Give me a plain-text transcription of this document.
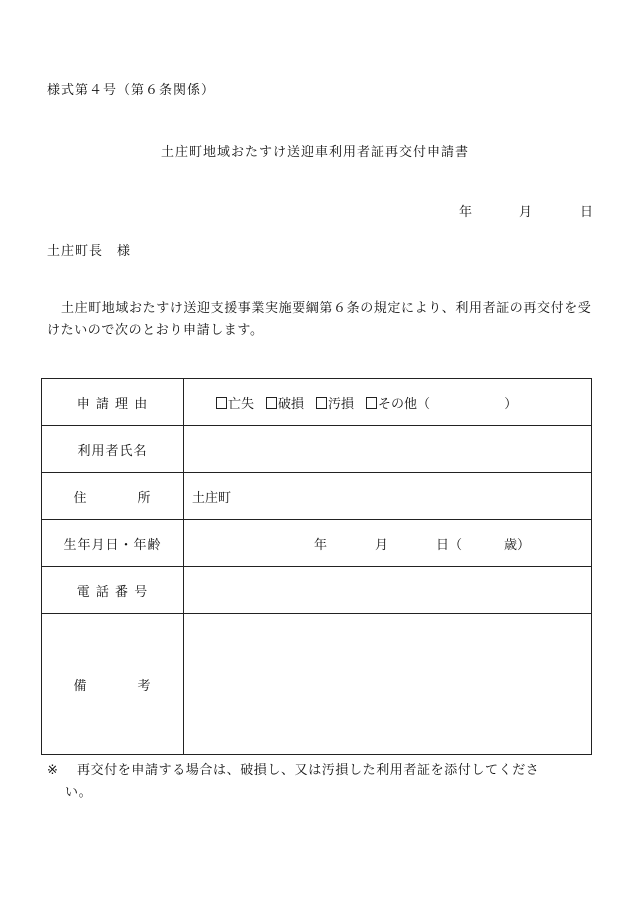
様式第４号（第６条関係）
土庄町地域おたすけ送迎車利用者証再交付申請書
年	月	日
土庄町長　様
土庄町地域おたすけ送迎支援事業実施要綱第６条の規定により、利用者証の再交付を受けたいので次のとおり申請します。
申 請 理 由	亡失 破損 汚損 その他（ ）
利用者氏名	
住 所	土庄町
生年月日・年齢	年 月 日（ 歳）
電 話 番 号	
備 考	
※ 再交付を申請する場合は、破損し、又は汚損した利用者証を添付してくださ
い。
